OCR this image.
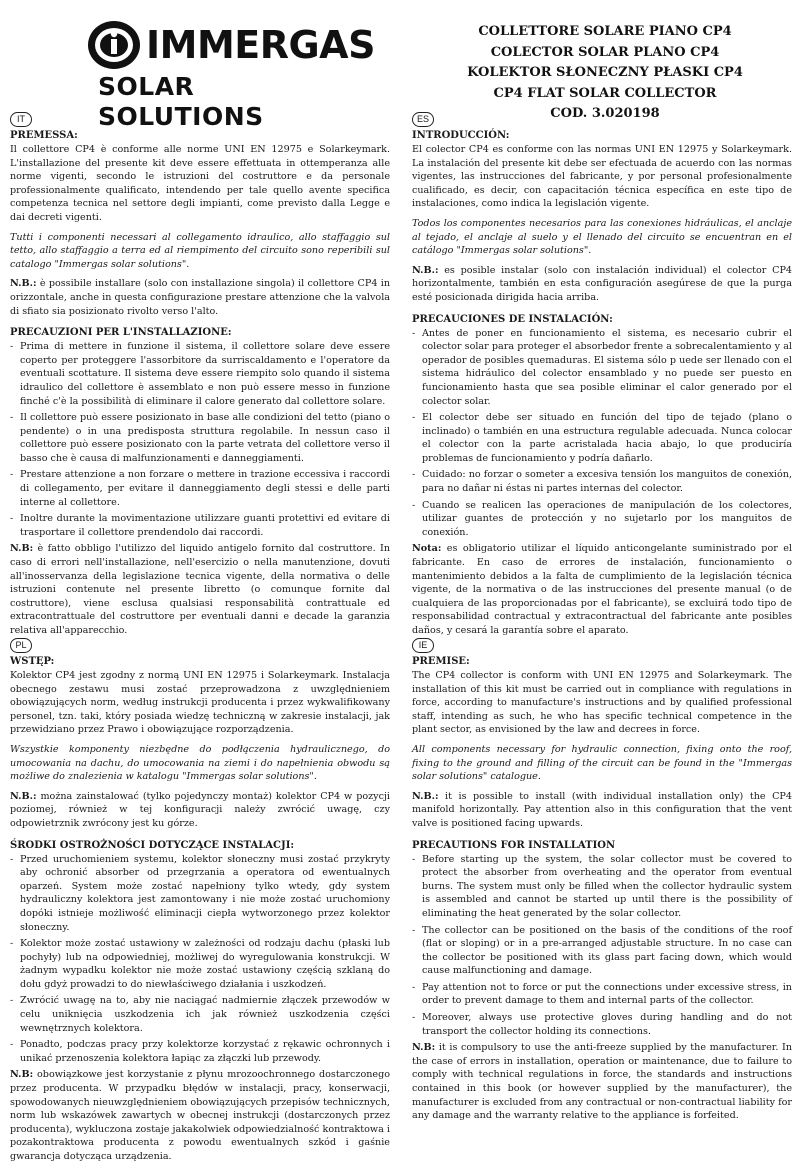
IMMERGAS
SOLAR SOLUTIONS
COLLETTORE SOLARE PIANO CP4
COLECTOR SOLAR PLANO CP4
KOLEKTOR SŁONECZNY PŁASKI CP4
CP4 FLAT SOLAR COLLECTOR
COD. 3.020198
IT
PREMESSA:

Il collettore CP4 è conforme alle norme UNI EN 12975 e Solarkeymark. L'installazione del presente kit deve essere effettuata in ottemperanza alle norme vigenti, secondo le istruzioni del costruttore e da personale professionalmente qualificato, intendendo per tale quello avente specifica competenza tecnica nel settore degli impianti, come previsto dalla Legge e dai decreti vigenti.

Tutti i componenti necessari al collegamento idraulico, allo staffaggio sul tetto, allo staffaggio a terra ed al riempimento del circuito sono reperibili sul catalogo "Immergas solar solutions".

N.B.: è possibile installare (solo con installazione singola) il collettore CP4 in orizzontale, anche in questa configurazione prestare attenzione che la valvola di sfiato sia posizionato rivolto verso l'alto.

PRECAUZIONI PER L'INSTALLAZIONE:
- Prima di mettere in funzione il sistema, il collettore solare deve essere coperto per proteggere l'assorbitore da surriscaldamento e l'operatore da eventuali scottature. Il sistema deve essere riempito solo quando il sistema idraulico del collettore è assemblato e non può essere messo in funzione finché c'è la possibilità di eliminare il calore generato dal collettore solare.
- Il collettore può essere posizionato in base alle condizioni del tetto (piano o pendente) o in una predisposta struttura regolabile. In nessun caso il collettore può essere posizionato con la parte vetrata del collettore verso il basso che è causa di malfunzionamenti e danneggiamenti.
- Prestare attenzione a non forzare o mettere in trazione eccessiva i raccordi di collegamento, per evitare il danneggiamento degli stessi e delle parti interne al collettore.
- Inoltre durante la movimentazione utilizzare guanti protettivi ed evitare di trasportare il collettore prendendolo dai raccordi.

N.B: è fatto obbligo l'utilizzo del liquido antigelo fornito dal costruttore. In caso di errori nell'installazione, nell'esercizio o nella manutenzione, dovuti all'inosservanza della legislazione tecnica vigente, della normativa o delle istruzioni contenute nel presente libretto (o comunque fornite dal costruttore), viene esclusa qualsiasi responsabilità contrattuale ed extracontrattuale del costruttore per eventuali danni e decade la garanzia relativa all'apparecchio.

ES
INTRODUCCIÓN:

El colector CP4 es conforme con las normas UNI EN 12975 y Solarkeymark. La instalación del presente kit debe ser efectuada de acuerdo con las normas vigentes, las instrucciones del fabricante, y por personal profesionalmente cualificado, es decir, con capacitación técnica específica en este tipo de instalaciones, como indica la legislación vigente.

Todos los componentes necesarios para las conexiones hidráulicas, el anclaje al tejado, el anclaje al suelo y el llenado del circuito se encuentran en el catálogo "Immergas solar solutions".

N.B.: es posible instalar (solo con instalación individual) el colector CP4 horizontalmente, también en esta configuración asegúrese de que la purga esté posicionada dirigida hacia arriba.

PRECAUCIONES DE INSTALACIÓN:
- Antes de poner en funcionamiento el sistema, es necesario cubrir el colector solar para proteger el absorbedor frente a sobrecalentamiento y al operador de posibles quemaduras. El sistema sólo p uede ser llenado con el sistema hidráulico del colector ensamblado y no puede ser puesto en funcionamiento hasta que sea posible eliminar el calor generado por el colector solar.
- El colector debe ser situado en función del tipo de tejado (plano o inclinado) o también en una estructura regulable adecuada. Nunca colocar el colector con la parte acristalada hacia abajo, lo que produciría problemas de funcionamiento y podría dañarlo.
- Cuidado: no forzar o someter a excesiva tensión los manguitos de conexión, para no dañar ni éstas ni partes internas del colector.
- Cuando se realicen las operaciones de manipulación de los colectores, utilizar guantes de protección y no sujetarlo por los manguitos de conexión.

Nota: es obligatorio utilizar el líquido anticongelante suministrado por el fabricante. En caso de errores de instalación, funcionamiento o mantenimiento debidos a la falta de cumplimiento de la legislación técnica vigente, de la normativa o de las instrucciones del presente manual (o de cualquiera de las proporcionadas por el fabricante), se excluirá todo tipo de responsabilidad contractual y extracontractual del fabricante ante posibles daños, y cesará la garantía sobre el aparato.

PL
WSTĘP:

Kolektor CP4 jest zgodny z normą UNI EN 12975 i Solarkeymark. Instalacja obecnego zestawu musi zostać przeprowadzona z uwzględnieniem obowiązujących norm, według instrukcji producenta i przez wykwalifikowany personel, tzn. taki, który posiada wiedzę techniczną w zakresie instalacji, jak przewidziano przez Prawo i obowiązujące rozporządzenia.

Wszystkie komponenty niezbędne do podłączenia hydraulicznego, do umocowania na dachu, do umocowania na ziemi i do napełnienia obwodu są możliwe do znalezienia w katalogu "Immergas solar solutions".

N.B.: można zainstalować (tylko pojedynczy montaż) kolektor CP4 w pozycji poziomej, również w tej konfiguracji należy zwrócić uwagę, czy odpowietrznik zwrócony jest ku górze.

ŚRODKI OSTROŻNOŚCI DOTYCZĄCE INSTALACJI:
- Przed uruchomieniem systemu, kolektor słoneczny musi zostać przykryty aby ochronić absorber od przegrzania a operatora od ewentualnych oparzeń. System może zostać napełniony tylko wtedy, gdy system hydrauliczny kolektora jest zamontowany i nie może zostać uruchomiony dopóki istnieje możliwość eliminacji ciepła wytworzonego przez kolektor słoneczny.
- Kolektor może zostać ustawiony w zależności od rodzaju dachu (płaski lub pochyły) lub na odpowiedniej, możliwej do wyregulowania konstrukcji. W żadnym wypadku kolektor nie może zostać ustawiony częścią szklaną do dołu gdyż prowadzi to do niewłaściwego działania i uszkodzeń.
- Zwrócić uwagę na to, aby nie naciągać nadmiernie złączek przewodów w celu uniknięcia uszkodzenia ich jak również uszkodzenia części wewnętrznych kolektora.
- Ponadto, podczas pracy przy kolektorze korzystać z rękawic ochronnych i unikać przenoszenia kolektora łapiąc za złączki lub przewody.

N.B: obowiązkowe jest korzystanie z płynu mrozoochronnego dostarczonego przez producenta. W przypadku błędów w instalacji, pracy, konserwacji, spowodowanych nieuwzględnieniem obowiązujących przepisów technicznych, norm lub wskazówek zawartych w obecnej instrukcji (dostarczonych przez producenta), wykluczona zostaje jakakolwiek odpowiedzialność kontraktowa i pozakontraktowa producenta z powodu ewentualnych szkód i gaśnie gwarancja dotycząca urządzenia.

IE
PREMISE:

The CP4 collector is conform with UNI EN 12975 and Solarkeymark. The installation of this kit must be carried out in compliance with regulations in force, according to manufacture's instructions and by qualified professional staff, intending as such, he who has specific technical competence in the plant sector, as envisioned by the law and decrees in force.

All components necessary for hydraulic connection, fixing onto the roof, fixing to the ground and filling of the circuit can be found in the "Immergas solar solutions" catalogue.

N.B.: it is possible to install (with individual installation only) the CP4 manifold horizontally. Pay attention also in this configuration that the vent valve is positioned facing upwards.

PRECAUTIONS FOR INSTALLATION
- Before starting up the system, the solar collector must be covered to protect the absorber from overheating and the operator from eventual burns. The system must only be filled when the collector hydraulic system is assembled and cannot be started up until there is the possibility of eliminating the heat generated by the solar collector.
- The collector can be positioned on the basis of the conditions of the roof (flat or sloping) or in a pre-arranged adjustable structure. In no case can the collector be positioned with its glass part facing down, which would cause malfunctioning and damage.
- Pay attention not to force or put the connections under excessive stress, in order to prevent damage to them and internal parts of the collector.
- Moreover, always use protective gloves during handling and do not transport the collector holding its connections.

N.B: it is compulsory to use the anti-freeze supplied by the manufacturer. In the case of errors in installation, operation or maintenance, due to failure to comply with technical regulations in force, the standards and instructions contained in this book (or however supplied by the manufacturer), the manufacturer is excluded from any contractual or non-contractual liability for any damage and the warranty relative to the appliance is forfeited.
